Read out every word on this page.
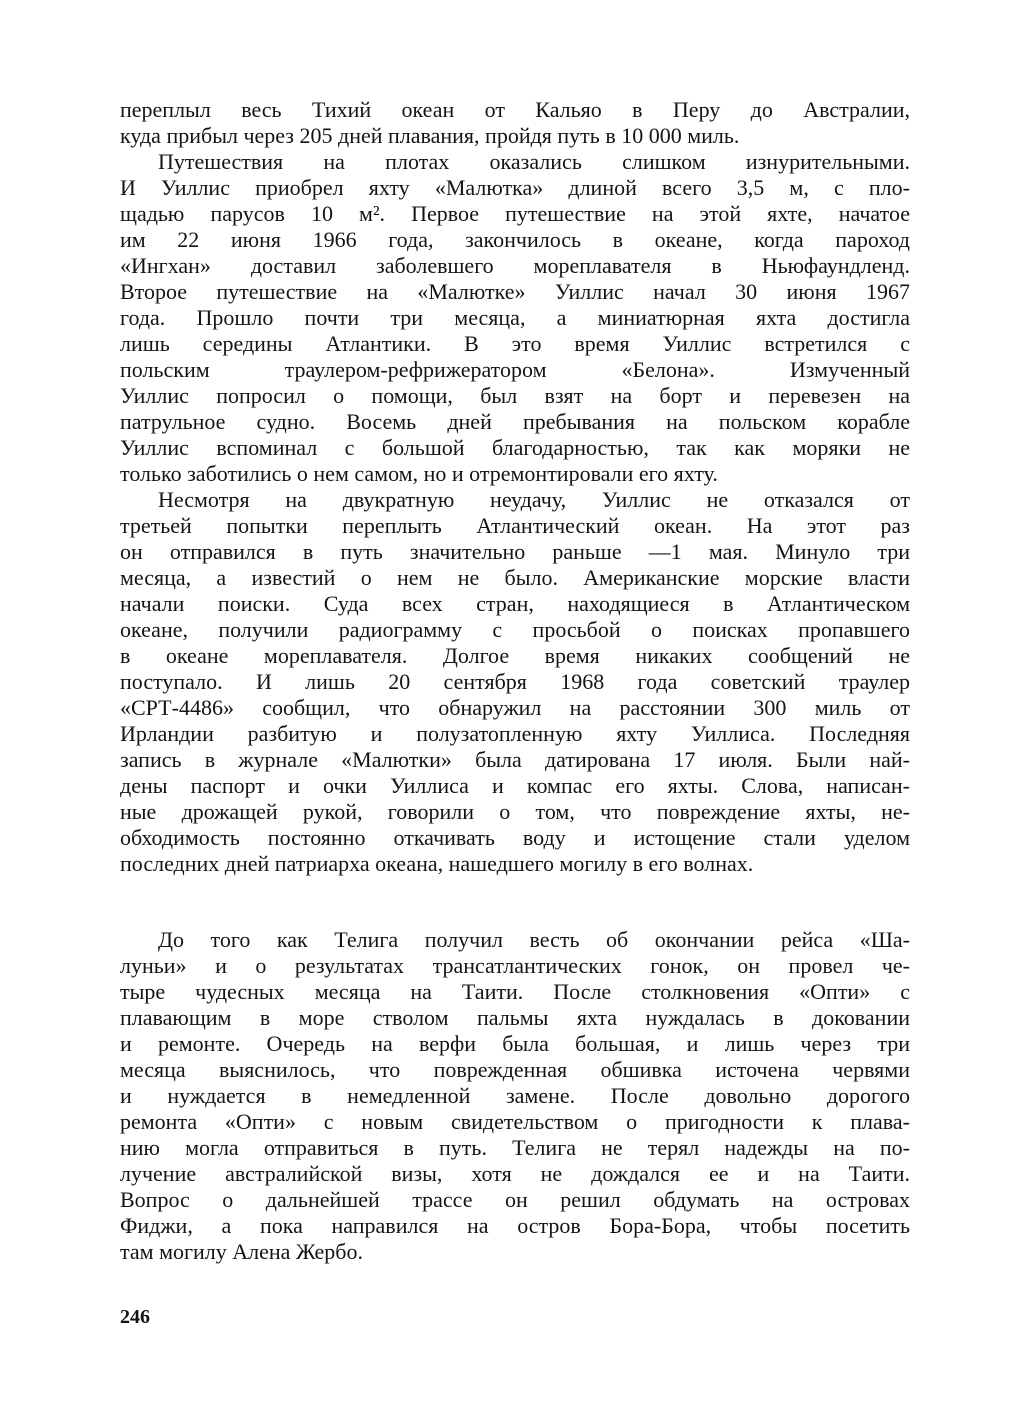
переплыл весь Тихий океан от Кальяо в Перу до Австралии,
куда прибыл через 205 дней плавания, пройдя путь в 10 000 миль.
Путешествия на плотах оказались слишком изнурительными.
И Уиллис приобрел яхту «Малютка» длиной всего 3,5 м, с пло-
щадью парусов 10 м². Первое путешествие на этой яхте, начатое
им 22 июня 1966 года, закончилось в океане, когда пароход
«Ингхан» доставил заболевшего мореплавателя в Ньюфаундленд.
Второе путешествие на «Малютке» Уиллис начал 30 июня 1967
года. Прошло почти три месяца, а миниатюрная яхта достигла
лишь середины Атлантики. В это время Уиллис встретился с
польским траулером-рефрижератором «Белона». Измученный
Уиллис попросил о помощи, был взят на борт и перевезен на
патрульное судно. Восемь дней пребывания на польском корабле
Уиллис вспоминал с большой благодарностью, так как моряки не
только заботились о нем самом, но и отремонтировали его яхту.
Несмотря на двукратную неудачу, Уиллис не отказался от
третьей попытки переплыть Атлантический океан. На этот раз
он отправился в путь значительно раньше —1 мая. Минуло три
месяца, а известий о нем не было. Американские морские власти
начали поиски. Суда всех стран, находящиеся в Атлантическом
океане, получили радиограмму с просьбой о поисках пропавшего
в океане мореплавателя. Долгое время никаких сообщений не
поступало. И лишь 20 сентября 1968 года советский траулер
«СРТ-4486» сообщил, что обнаружил на расстоянии 300 миль от
Ирландии разбитую и полузатопленную яхту Уиллиса. Последняя
запись в журнале «Малютки» была датирована 17 июля. Были най-
дены паспорт и очки Уиллиса и компас его яхты. Слова, написан-
ные дрожащей рукой, говорили о том, что повреждение яхты, не-
обходимость постоянно откачивать воду и истощение стали уделом
последних дней патриарха океана, нашедшего могилу в его волнах.
До того как Телига получил весть об окончании рейса «Ша-
луньи» и о результатах трансатлантических гонок, он провел че-
тыре чудесных месяца на Таити. После столкновения «Опти» с
плавающим в море стволом пальмы яхта нуждалась в доковании
и ремонте. Очередь на верфи была большая, и лишь через три
месяца выяснилось, что поврежденная обшивка источена червями
и нуждается в немедленной замене. После довольно дорогого
ремонта «Опти» с новым свидетельством о пригодности к плава-
нию могла отправиться в путь. Телига не терял надежды на по-
лучение австралийской визы, хотя не дождался ее и на Таити.
Вопрос о дальнейшей трассе он решил обдумать на островах
Фиджи, а пока направился на остров Бора-Бора, чтобы посетить
там могилу Алена Жербо.
246
